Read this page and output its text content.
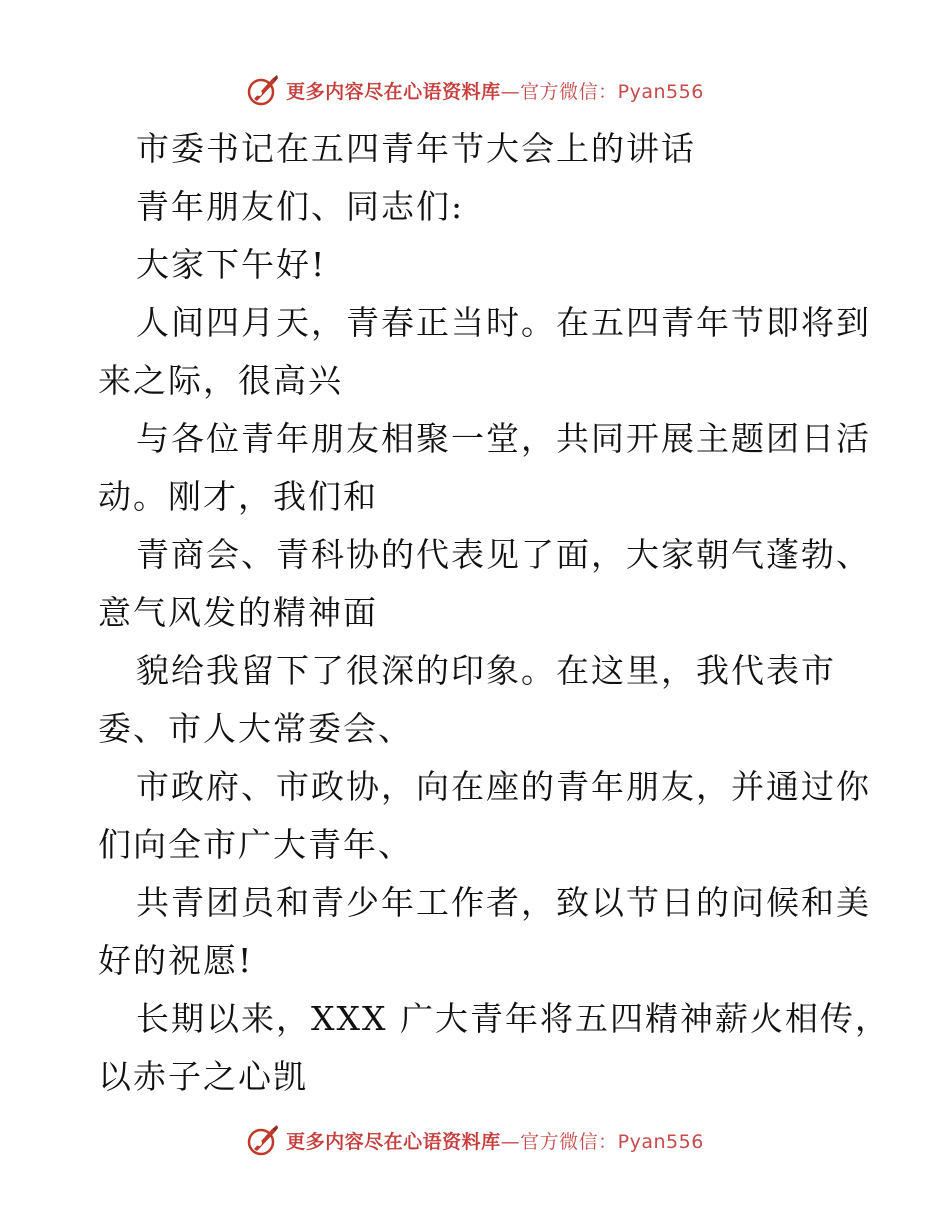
更多内容尽在心语资料库—官方微信：Pyan556
市委书记在五四青年节大会上的讲话
青年朋友们、同志们:
大家下午好!
人间四月天，青春正当时。在五四青年节即将到
来之际，很高兴
与各位青年朋友相聚一堂，共同开展主题团日活
动。刚才，我们和
青商会、青科协的代表见了面，大家朝气蓬勃、
意气风发的精神面
貌给我留下了很深的印象。在这里，我代表市
委、市人大常委会、
市政府、市政协，向在座的青年朋友，并通过你
们向全市广大青年、
共青团员和青少年工作者，致以节日的问候和美
好的祝愿!
长期以来，XXX 广大青年将五四精神薪火相传，
以赤子之心凯
更多内容尽在心语资料库—官方微信：Pyan556
